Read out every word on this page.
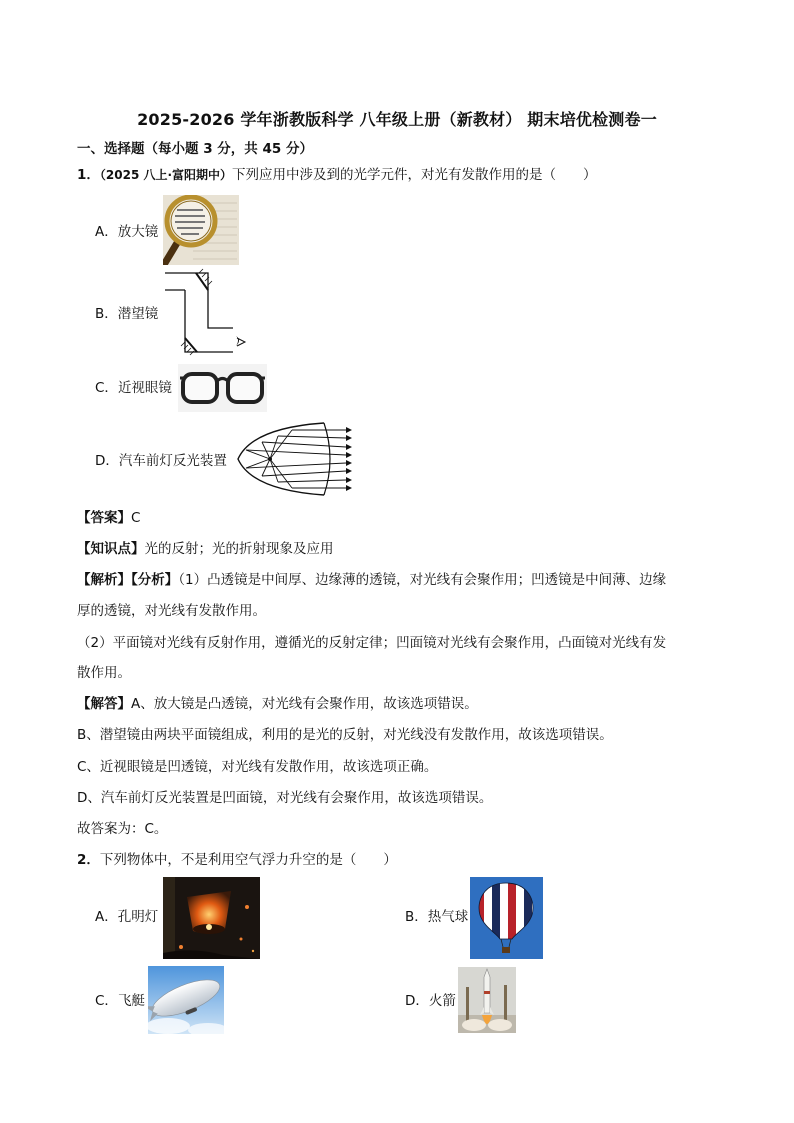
2025-2026 学年浙教版科学 八年级上册（新教材） 期末培优检测卷一
一、选择题（每小题 3 分，共 45 分）
1．（2025 八上·富阳期中）下列应用中涉及到的光学元件，对光有发散作用的是（　　）
A．放大镜
B．潜望镜
C．近视眼镜
D．汽车前灯反光装置
【答案】C
【知识点】光的反射；光的折射现象及应用
【解析】【分析】（1）凸透镜是中间厚、边缘薄的透镜，对光线有会聚作用；凹透镜是中间薄、边缘
厚的透镜，对光线有发散作用。
（2）平面镜对光线有反射作用，遵循光的反射定律；凹面镜对光线有会聚作用，凸面镜对光线有发
散作用。
【解答】A、放大镜是凸透镜，对光线有会聚作用，故该选项错误。
B、潜望镜由两块平面镜组成，利用的是光的反射，对光线没有发散作用，故该选项错误。
C、近视眼镜是凹透镜，对光线有发散作用，故该选项正确。
D、汽车前灯反光装置是凹面镜，对光线有会聚作用，故该选项错误。
故答案为：C。
2．下列物体中，不是利用空气浮力升空的是（　　）
A．孔明灯	B．热气球
C．飞艇	D．火箭
